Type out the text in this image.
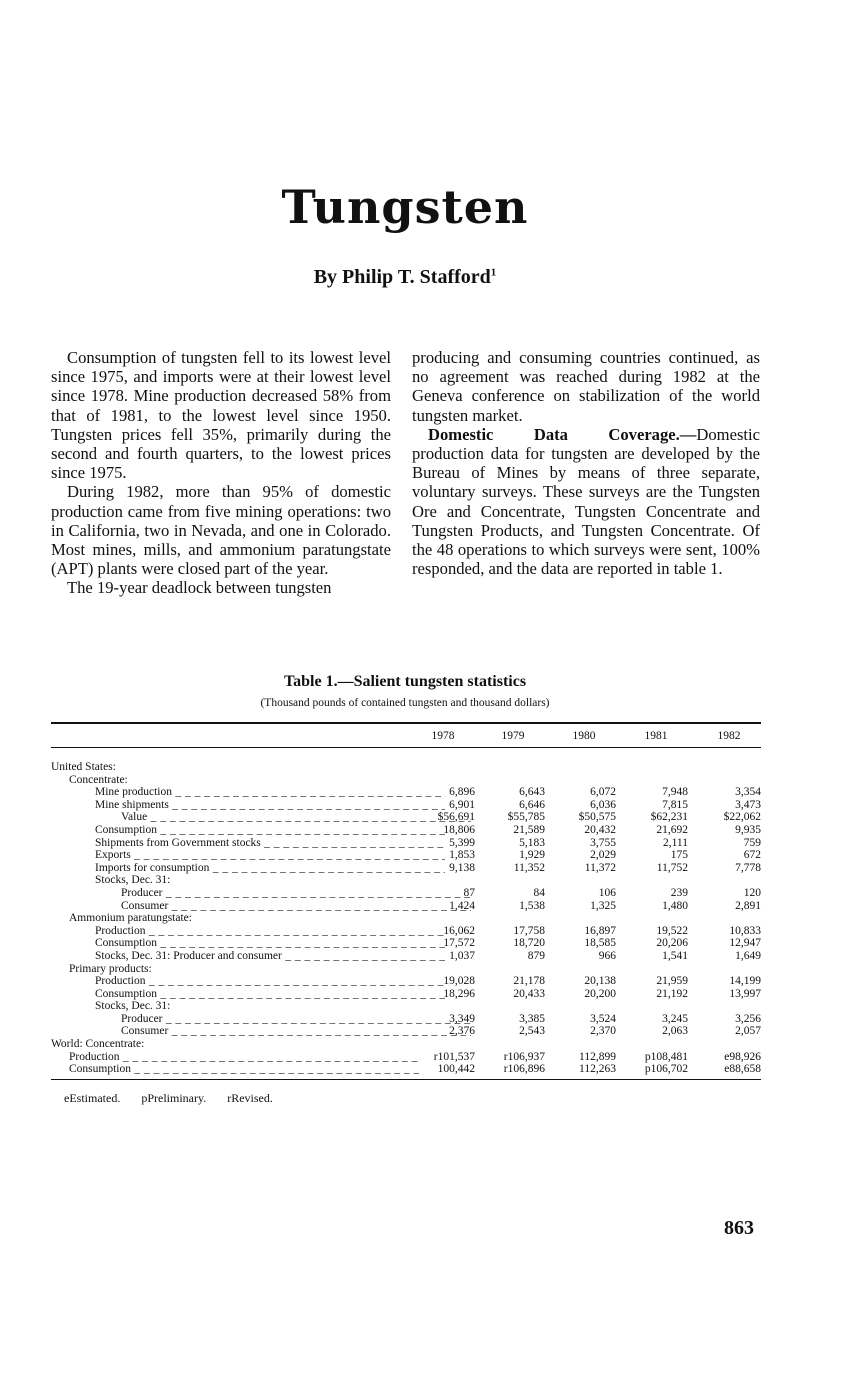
Tungsten
By Philip T. Stafford$^1$

Consumption of tungsten fell to its lowest level since 1975, and imports were at their lowest level since 1978. Mine production decreased 58% from that of 1981, to the lowest level since 1950. Tungsten prices fell 35%, primarily during the second and fourth quarters, to the lowest prices since 1975.

During 1982, more than 95% of domestic production came from five mining operations: two in California, two in Nevada, and one in Colorado. Most mines, mills, and ammonium paratungstate (APT) plants were closed part of the year.

The 19-year deadlock between tungsten

producing and consuming countries continued, as no agreement was reached during 1982 at the Geneva conference on stabilization of the world tungsten market.

Domestic Data Coverage.—Domestic production data for tungsten are developed by the Bureau of Mines by means of three separate, voluntary surveys. These surveys are the Tungsten Ore and Concentrate, Tungsten Concentrate and Tungsten Products, and Tungsten Concentrate. Of the 48 operations to which surveys were sent, 100% responded, and the data are reported in table 1.

Table 1.—Salient tungsten statistics
(Thousand pounds of contained tungsten and thousand dollars)
1978	1979	1980	1981	1982
United States:
Concentrate:
Mine production _ _ _	6,896	6,643	6,072	7,948	3,354
Mine shipments _ _ _	6,901	6,646	6,036	7,815	3,473
Value _ _ _	$56,691	$55,785	$50,575	$62,231	$22,062
Consumption _ _ _	18,806	21,589	20,432	21,692	9,935
Shipments from Government stocks _ _ _	5,399	5,183	3,755	2,111	759
Exports _ _ _	1,853	1,929	2,029	175	672
Imports for consumption _ _ _	9,138	11,352	11,372	11,752	7,778
Stocks, Dec. 31:
Producer _ _ _	87	84	106	239	120
Consumer _ _ _	1,424	1,538	1,325	1,480	2,891
Ammonium paratungstate:
Production _ _ _	16,062	17,758	16,897	19,522	10,833
Consumption _ _ _	17,572	18,720	18,585	20,206	12,947
Stocks, Dec. 31: Producer and consumer _ _ _	1,037	879	966	1,541	1,649
Primary products:
Production _ _ _	19,028	21,178	20,138	21,959	14,199
Consumption _ _ _	18,296	20,433	20,200	21,192	13,997
Stocks, Dec. 31:
Producer _ _ _	3,349	3,385	3,524	3,245	3,256
Consumer _ _ _	2,376	2,543	2,370	2,063	2,057
World: Concentrate:
Production _ _ _	r101,537	r106,937	112,899	p108,481	e98,926
Consumption _ _ _	100,442	r106,896	112,263	p106,702	e88,658
eEstimated. pPreliminary. rRevised.
863
